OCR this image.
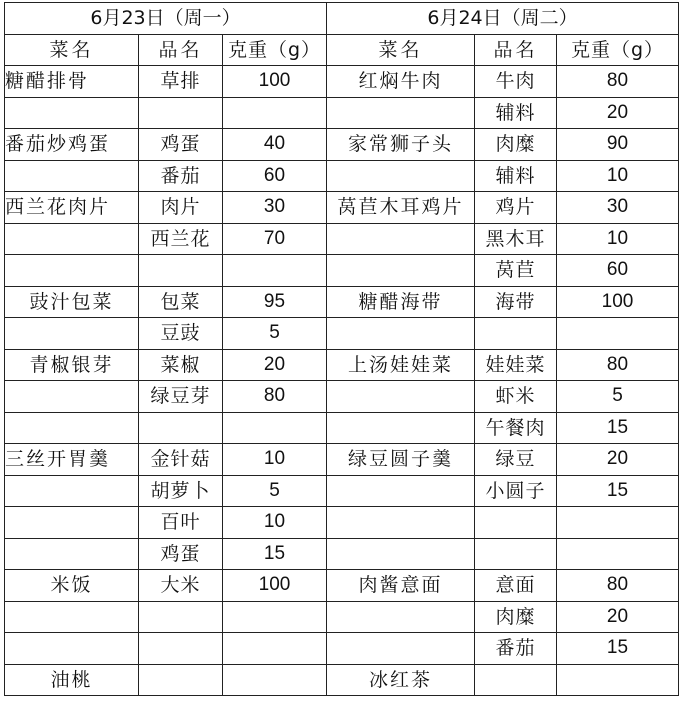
6月23日（周一）			6月24日（周二）		
菜名	品名	克重（g）	菜名	品名	克重（g）
糖醋排骨	草排	100	红焖牛肉	牛肉	80
				辅料	20
番茄炒鸡蛋	鸡蛋	40	家常狮子头	肉糜	90
	番茄	60		辅料	10
西兰花肉片	肉片	30	莴苣木耳鸡片	鸡片	30
	西兰花	70		黑木耳	10
				莴苣	60
豉汁包菜	包菜	95	糖醋海带	海带	100
	豆豉	5			
青椒银芽	菜椒	20	上汤娃娃菜	娃娃菜	80
	绿豆芽	80		虾米	5
				午餐肉	15
三丝开胃羹	金针菇	10	绿豆圆子羹	绿豆	20
	胡萝卜	5		小圆子	15
	百叶	10			
	鸡蛋	15			
米饭	大米	100	肉酱意面	意面	80
				肉糜	20
				番茄	15
油桃			冰红茶		
